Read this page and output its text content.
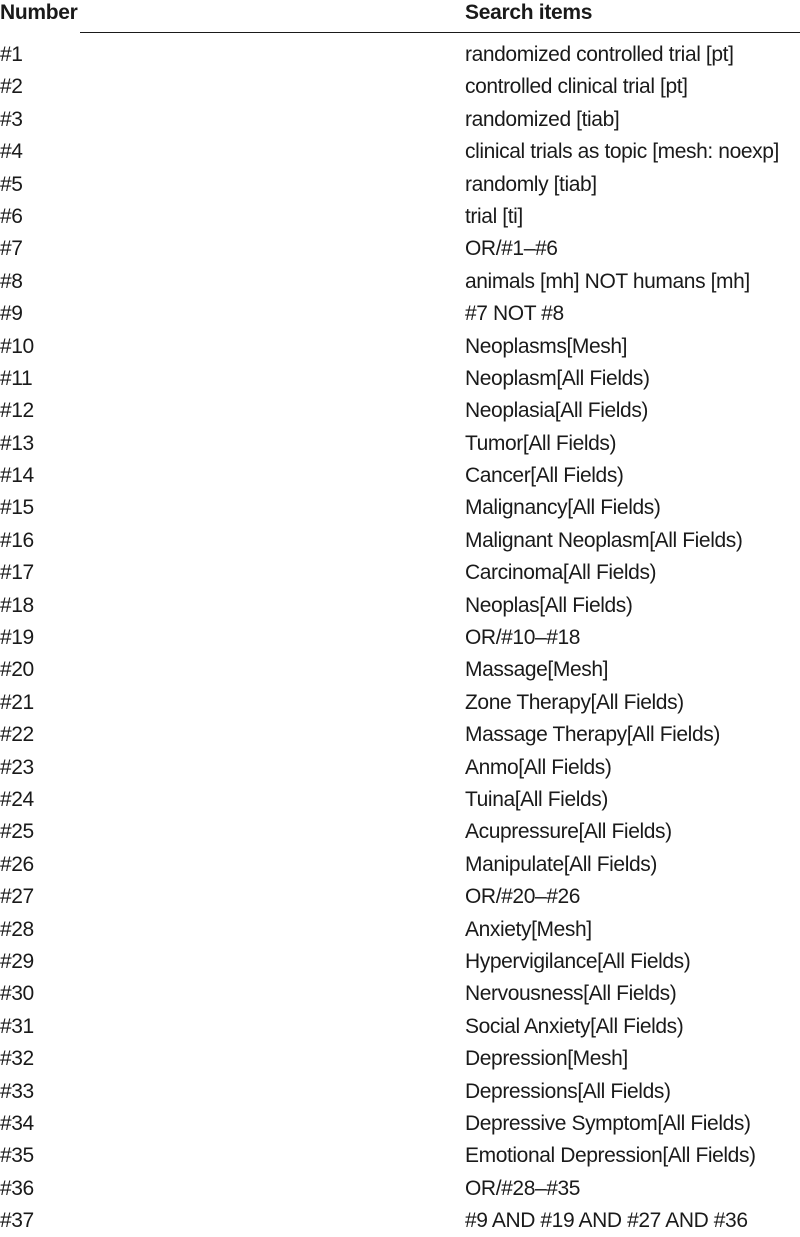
Number	Search items
#1	randomized controlled trial [pt]
#2	controlled clinical trial [pt]
#3	randomized [tiab]
#4	clinical trials as topic [mesh: noexp]
#5	randomly [tiab]
#6	trial [ti]
#7	OR/#1–#6
#8	animals [mh] NOT humans [mh]
#9	#7 NOT #8
#10	Neoplasms[Mesh]
#11	Neoplasm[All Fields)
#12	Neoplasia[All Fields)
#13	Tumor[All Fields)
#14	Cancer[All Fields)
#15	Malignancy[All Fields)
#16	Malignant Neoplasm[All Fields)
#17	Carcinoma[All Fields)
#18	Neoplas[All Fields)
#19	OR/#10–#18
#20	Massage[Mesh]
#21	Zone Therapy[All Fields)
#22	Massage Therapy[All Fields)
#23	Anmo[All Fields)
#24	Tuina[All Fields)
#25	Acupressure[All Fields)
#26	Manipulate[All Fields)
#27	OR/#20–#26
#28	Anxiety[Mesh]
#29	Hypervigilance[All Fields)
#30	Nervousness[All Fields)
#31	Social Anxiety[All Fields)
#32	Depression[Mesh]
#33	Depressions[All Fields)
#34	Depressive Symptom[All Fields)
#35	Emotional Depression[All Fields)
#36	OR/#28–#35
#37	#9 AND #19 AND #27 AND #36
